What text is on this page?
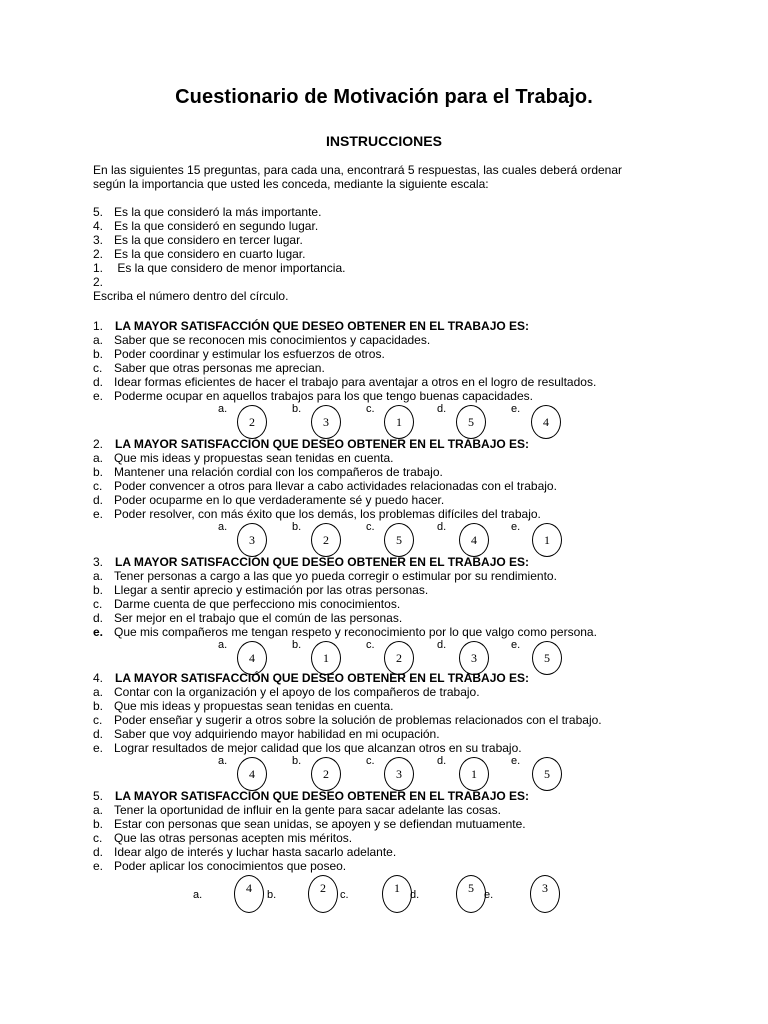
Cuestionario de Motivación para el Trabajo.
INSTRUCCIONES
En las siguientes 15 preguntas, para cada una, encontrará 5 respuestas, las cuales deberá ordenar
según la importancia que usted les conceda, mediante la siguiente escala:
5. Es la que consideró la más importante.
4. Es la que consideró en segundo lugar.
3. Es la que considero en tercer lugar.
2. Es la que considero en cuarto lugar.
1. Es la que considero de menor importancia.
2.
Escriba el número dentro del círculo.
1. LA MAYOR SATISFACCIÓN QUE DESEO OBTENER EN EL TRABAJO ES:
a. Saber que se reconocen mis conocimientos y capacidades.
b. Poder coordinar y estimular los esfuerzos de otros.
c. Saber que otras personas me aprecian.
d. Idear formas eficientes de hacer el trabajo para aventajar a otros en el logro de resultados.
e. Poderme ocupar en aquellos trabajos para los que tengo buenas capacidades.
a.
2
b.
3
c.
1
d.
5
e.
4
2. LA MAYOR SATISFACCIÓN QUE DESEO OBTENER EN EL TRABAJO ES:
a. Que mis ideas y propuestas sean tenidas en cuenta.
b. Mantener una relación cordial con los compañeros de trabajo.
c. Poder convencer a otros para llevar a cabo actividades relacionadas con el trabajo.
d. Poder ocuparme en lo que verdaderamente sé y puedo hacer.
e. Poder resolver, con más éxito que los demás, los problemas difíciles del trabajo.
a.
3
b.
2
c.
5
d.
4
e.
1
3. LA MAYOR SATISFACCIÓN QUE DESEO OBTENER EN EL TRABAJO ES:
a. Tener personas a cargo a las que yo pueda corregir o estimular por su rendimiento.
b. Llegar a sentir aprecio y estimación por las otras personas.
c. Darme cuenta de que perfecciono mis conocimientos.
d. Ser mejor en el trabajo que el común de las personas.
e. Que mis compañeros me tengan respeto y reconocimiento por lo que valgo como persona.
a.
4
b.
1
c.
2
d.
3
e.
5
4. LA MAYOR SATISFACCIÓN QUE DESEO OBTENER EN EL TRABAJO ES:
a. Contar con la organización y el apoyo de los compañeros de trabajo.
b. Que mis ideas y propuestas sean tenidas en cuenta.
c. Poder enseñar y sugerir a otros sobre la solución de problemas relacionados con el trabajo.
d. Saber que voy adquiriendo mayor habilidad en mi ocupación.
e. Lograr resultados de mejor calidad que los que alcanzan otros en su trabajo.
a.
4
b.
2
c.
3
d.
1
e.
5
5. LA MAYOR SATISFACCIÓN QUE DESEO OBTENER EN EL TRABAJO ES:
a. Tener la oportunidad de influir en la gente para sacar adelante las cosas.
b. Estar con personas que sean unidas, se apoyen y se defiendan mutuamente.
c. Que las otras personas acepten mis méritos.
d. Idear algo de interés y luchar hasta sacarlo adelante.
e. Poder aplicar los conocimientos que poseo.
a.
4
b.
2
c.
1
d.
5
e.
3
